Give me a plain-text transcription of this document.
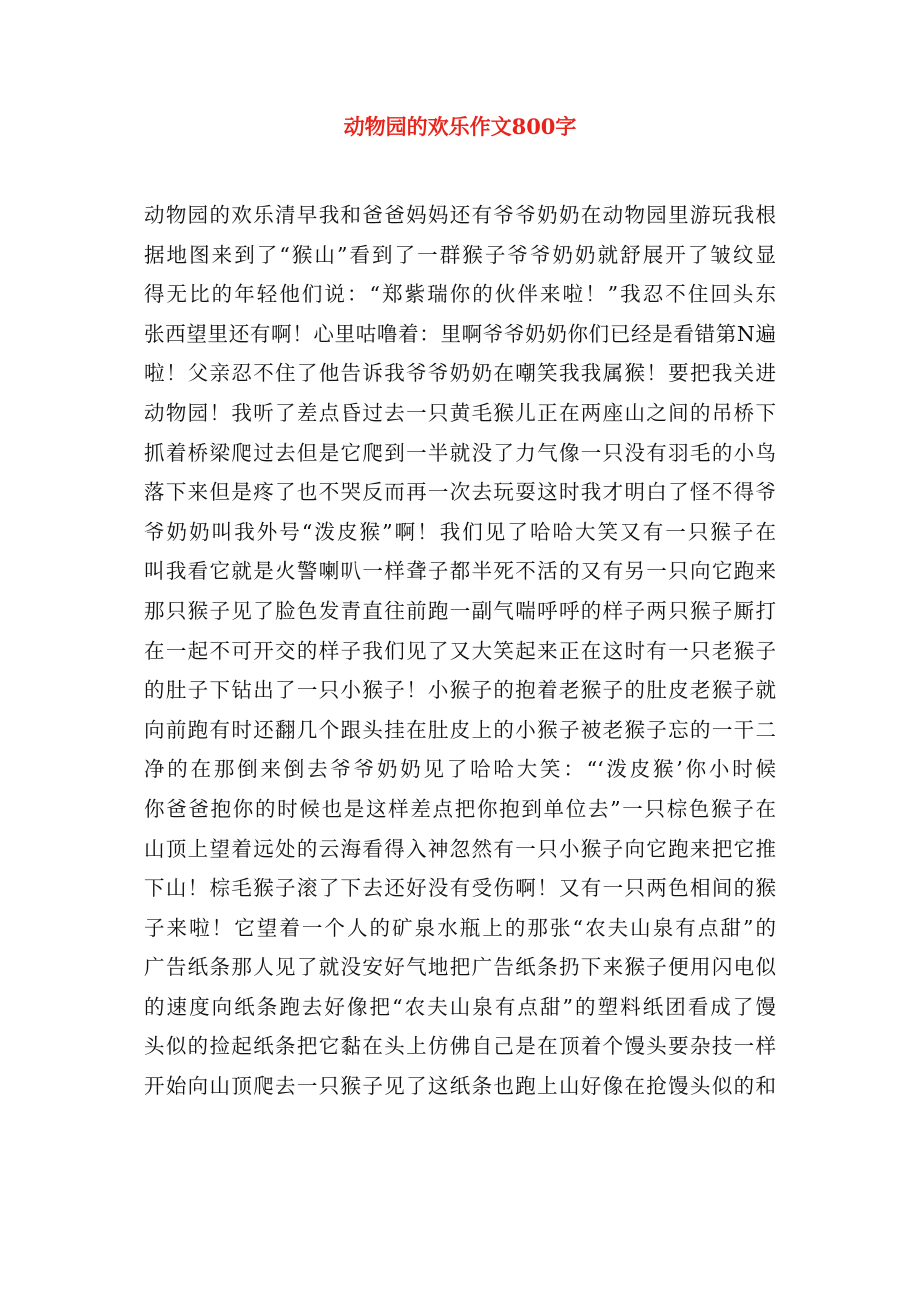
动物园的欢乐作文800字
动物园的欢乐清早我和爸爸妈妈还有爷爷奶奶在动物园里游玩我根
据地图来到了“猴山”看到了一群猴子爷爷奶奶就舒展开了皱纹显
得无比的年轻他们说：“郑紫瑞你的伙伴来啦！”我忍不住回头东
张西望里还有啊！心里咕噜着：里啊爷爷奶奶你们已经是看错第N遍
啦！父亲忍不住了他告诉我爷爷奶奶在嘲笑我我属猴！要把我关进
动物园！我听了差点昏过去一只黄毛猴儿正在两座山之间的吊桥下
抓着桥梁爬过去但是它爬到一半就没了力气像一只没有羽毛的小鸟
落下来但是疼了也不哭反而再一次去玩耍这时我才明白了怪不得爷
爷奶奶叫我外号“泼皮猴”啊！我们见了哈哈大笑又有一只猴子在
叫我看它就是火警喇叭一样聋子都半死不活的又有另一只向它跑来
那只猴子见了脸色发青直往前跑一副气喘呼呼的样子两只猴子厮打
在一起不可开交的样子我们见了又大笑起来正在这时有一只老猴子
的肚子下钻出了一只小猴子！小猴子的抱着老猴子的肚皮老猴子就
向前跑有时还翻几个跟头挂在肚皮上的小猴子被老猴子忘的一干二
净的在那倒来倒去爷爷奶奶见了哈哈大笑：“‘泼皮猴’你小时候
你爸爸抱你的时候也是这样差点把你抱到单位去”一只棕色猴子在
山顶上望着远处的云海看得入神忽然有一只小猴子向它跑来把它推
下山！棕毛猴子滚了下去还好没有受伤啊！又有一只两色相间的猴
子来啦！它望着一个人的矿泉水瓶上的那张“农夫山泉有点甜”的
广告纸条那人见了就没安好气地把广告纸条扔下来猴子便用闪电似
的速度向纸条跑去好像把“农夫山泉有点甜”的塑料纸团看成了馒
头似的捡起纸条把它黏在头上仿佛自己是在顶着个馒头要杂技一样
开始向山顶爬去一只猴子见了这纸条也跑上山好像在抢馒头似的和
